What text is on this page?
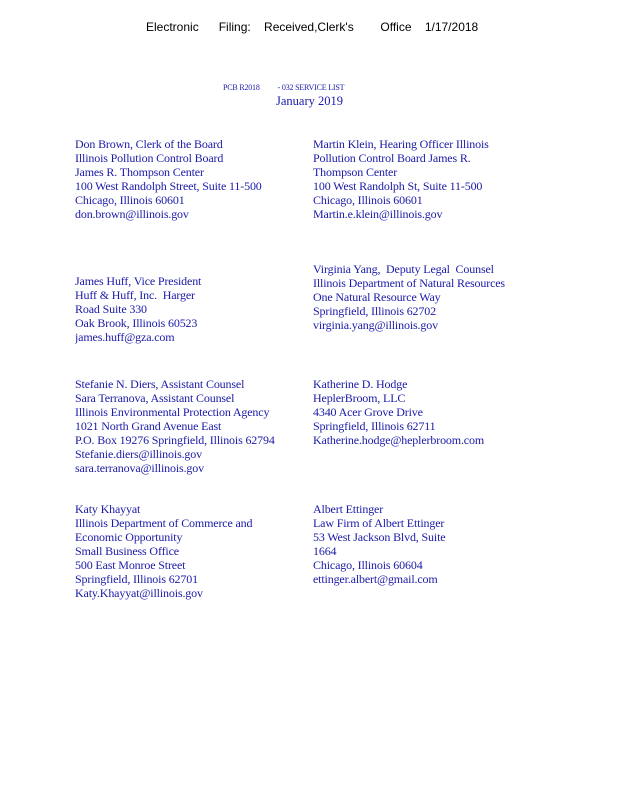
Electronic      Filing:    Received,Clerk's        Office    1/17/2018
PCB R2018          - 032 SERVICE LIST
January 2019
Don Brown, Clerk of the Board
Illinois Pollution Control Board
James R. Thompson Center
100 West Randolph Street, Suite 11-500
Chicago, Illinois 60601
don.brown@illinois.gov
Martin Klein, Hearing Officer Illinois
Pollution Control Board James R.
Thompson Center
100 West Randolph St, Suite 11-500
Chicago, Illinois 60601
Martin.e.klein@illinois.gov
James Huff, Vice President
Huff & Huff, Inc.  Harger
Road Suite 330
Oak Brook, Illinois 60523
james.huff@gza.com
Virginia Yang,  Deputy Legal  Counsel
Illinois Department of Natural Resources
One Natural Resource Way
Springfield, Illinois 62702
virginia.yang@illinois.gov
Stefanie N. Diers, Assistant Counsel
Sara Terranova, Assistant Counsel
Illinois Environmental Protection Agency
1021 North Grand Avenue East
P.O. Box 19276 Springfield, Illinois 62794
Stefanie.diers@illinois.gov
sara.terranova@illinois.gov
Katherine D. Hodge
HeplerBroom, LLC
4340 Acer Grove Drive
Springfield, Illinois 62711
Katherine.hodge@heplerbroom.com
Katy Khayyat
Illinois Department of Commerce and
Economic Opportunity
Small Business Office
500 East Monroe Street
Springfield, Illinois 62701
Katy.Khayyat@illinois.gov
Albert Ettinger
Law Firm of Albert Ettinger
53 West Jackson Blvd, Suite
1664
Chicago, Illinois 60604
ettinger.albert@gmail.com
